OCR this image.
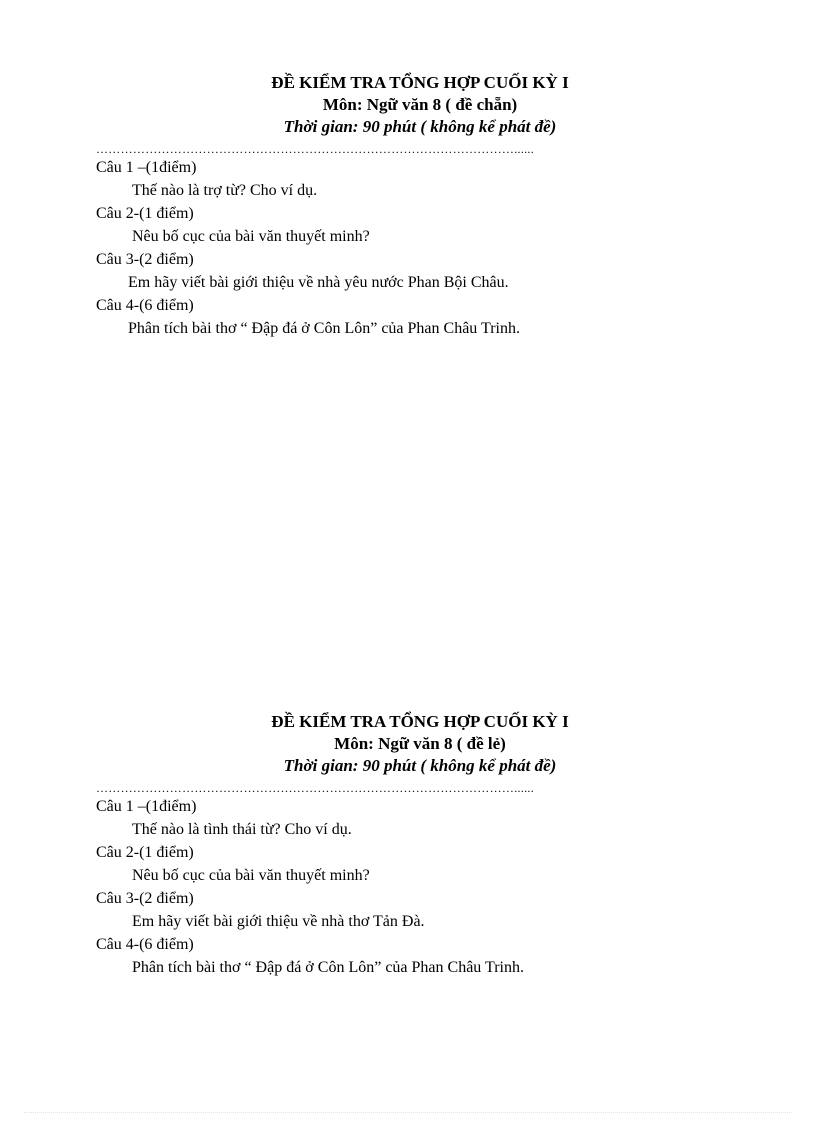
ĐỀ KIỂM TRA TỔNG HỢP CUỐI KỲ I

Môn: Ngữ văn 8 ( đề chẵn)

Thời gian: 90 phút ( không kể phát đề)

…………………………………………………………………………………………......

Câu 1 –(1điểm)

Thế nào là trợ từ? Cho ví dụ.

Câu 2-(1 điểm)

Nêu bố cục của bài văn thuyết minh?

Câu 3-(2 điểm)

Em hãy viết bài giới thiệu về nhà yêu nước Phan Bội Châu.

Câu 4-(6 điểm)

Phân tích bài thơ “ Đập đá ở Côn Lôn” của Phan Châu Trinh.

ĐỀ KIỂM TRA TỔNG HỢP CUỐI KỲ I

Môn: Ngữ văn 8 ( đề lẻ)

Thời gian: 90 phút ( không kể phát đề)

…………………………………………………………………………………………......

Câu 1 –(1điểm)

Thế nào là tình thái từ? Cho ví dụ.

Câu 2-(1 điểm)

Nêu bố cục của bài văn thuyết minh?

Câu 3-(2 điểm)

Em hãy viết bài giới thiệu về nhà thơ Tản Đà.

Câu 4-(6 điểm)

Phân tích bài thơ “ Đập đá ở Côn Lôn” của Phan Châu Trinh.
